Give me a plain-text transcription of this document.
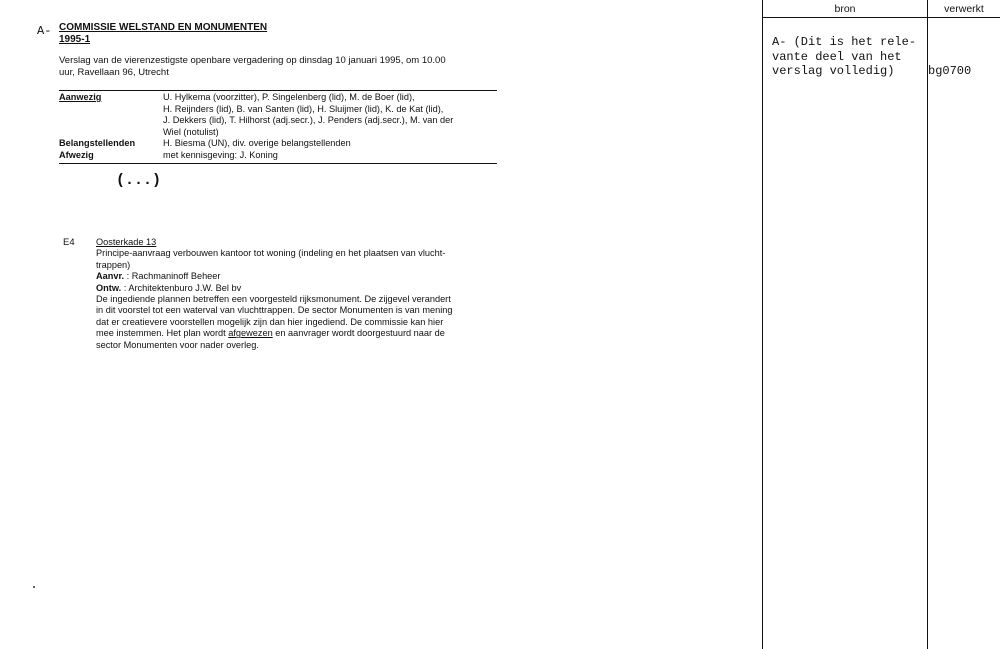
A- COMMISSIE WELSTAND EN MONUMENTEN
1995-1
Verslag van de vierenzestigste openbare vergadering op dinsdag 10 januari 1995, om 10.00
uur, Ravellaan 96, Utrecht
Aanwezig	U. Hylkema (voorzitter), P. Singelenberg (lid), M. de Boer (lid),
H. Reijnders (lid), B. van Santen (lid), H. Sluijmer (lid), K. de Kat (lid),
J. Dekkers (lid), T. Hilhorst (adj.secr.), J. Penders (adj.secr.), M. van der
Wiel (notulist)
Belangstellenden	H. Biesma (UN), div. overige belangstellenden
Afwezig	met kennisgeving: J. Koning
(...)
E4 Oosterkade 13
Principe-aanvraag verbouwen kantoor tot woning (indeling en het plaatsen van vlucht-
trappen)
Aanvr. : Rachmaninoff Beheer
Ontw. : Architektenburo J.W. Bel bv
De ingediende plannen betreffen een voorgesteld rijksmonument. De zijgevel verandert
in dit voorstel tot een waterval van vluchttrappen. De sector Monumenten is van mening
dat er creatievere voorstellen mogelijk zijn dan hier ingediend. De commissie kan hier
mee instemmen. Het plan wordt afgewezen en aanvrager wordt doorgestuurd naar de
sector Monumenten voor nader overleg.
bron	verwerkt
A- (Dit is het rele-
vante deel van het
verslag volledig)	bg0700
